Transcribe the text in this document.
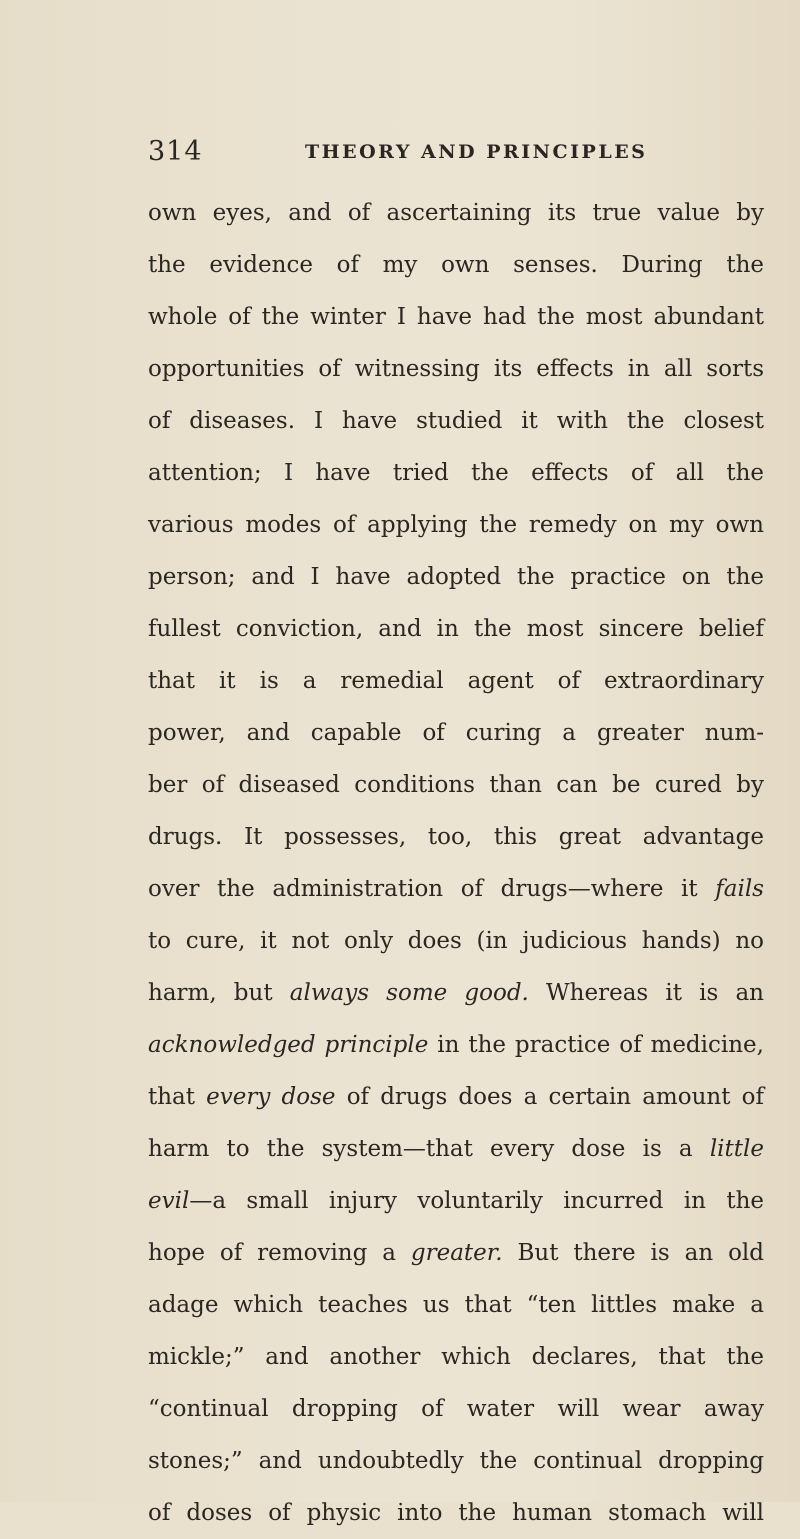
314	THEORY AND PRINCIPLES
own eyes, and of ascertaining its true value by
the evidence of my own senses. During the
whole of the winter I have had the most abundant
opportunities of witnessing its effects in all sorts
of diseases. I have studied it with the closest
attention; I have tried the effects of all the
various modes of applying the remedy on my own
person; and I have adopted the practice on the
fullest conviction, and in the most sincere belief
that it is a remedial agent of extraordinary
power, and capable of curing a greater num-
ber of diseased conditions than can be cured by
drugs. It possesses, too, this great advantage
over the administration of drugs—where it fails
to cure, it not only does (in judicious hands) no
harm, but always some good. Whereas it is an
acknowledged principle in the practice of medicine,
that every dose of drugs does a certain amount of
harm to the system—that every dose is a little
evil—a small injury voluntarily incurred in the
hope of removing a greater. But there is an old
adage which teaches us that “ten littles make a
mickle;” and another which declares, that the
“continual dropping of water will wear away
stones;” and undoubtedly the continual dropping
of doses of physic into the human stomach will
